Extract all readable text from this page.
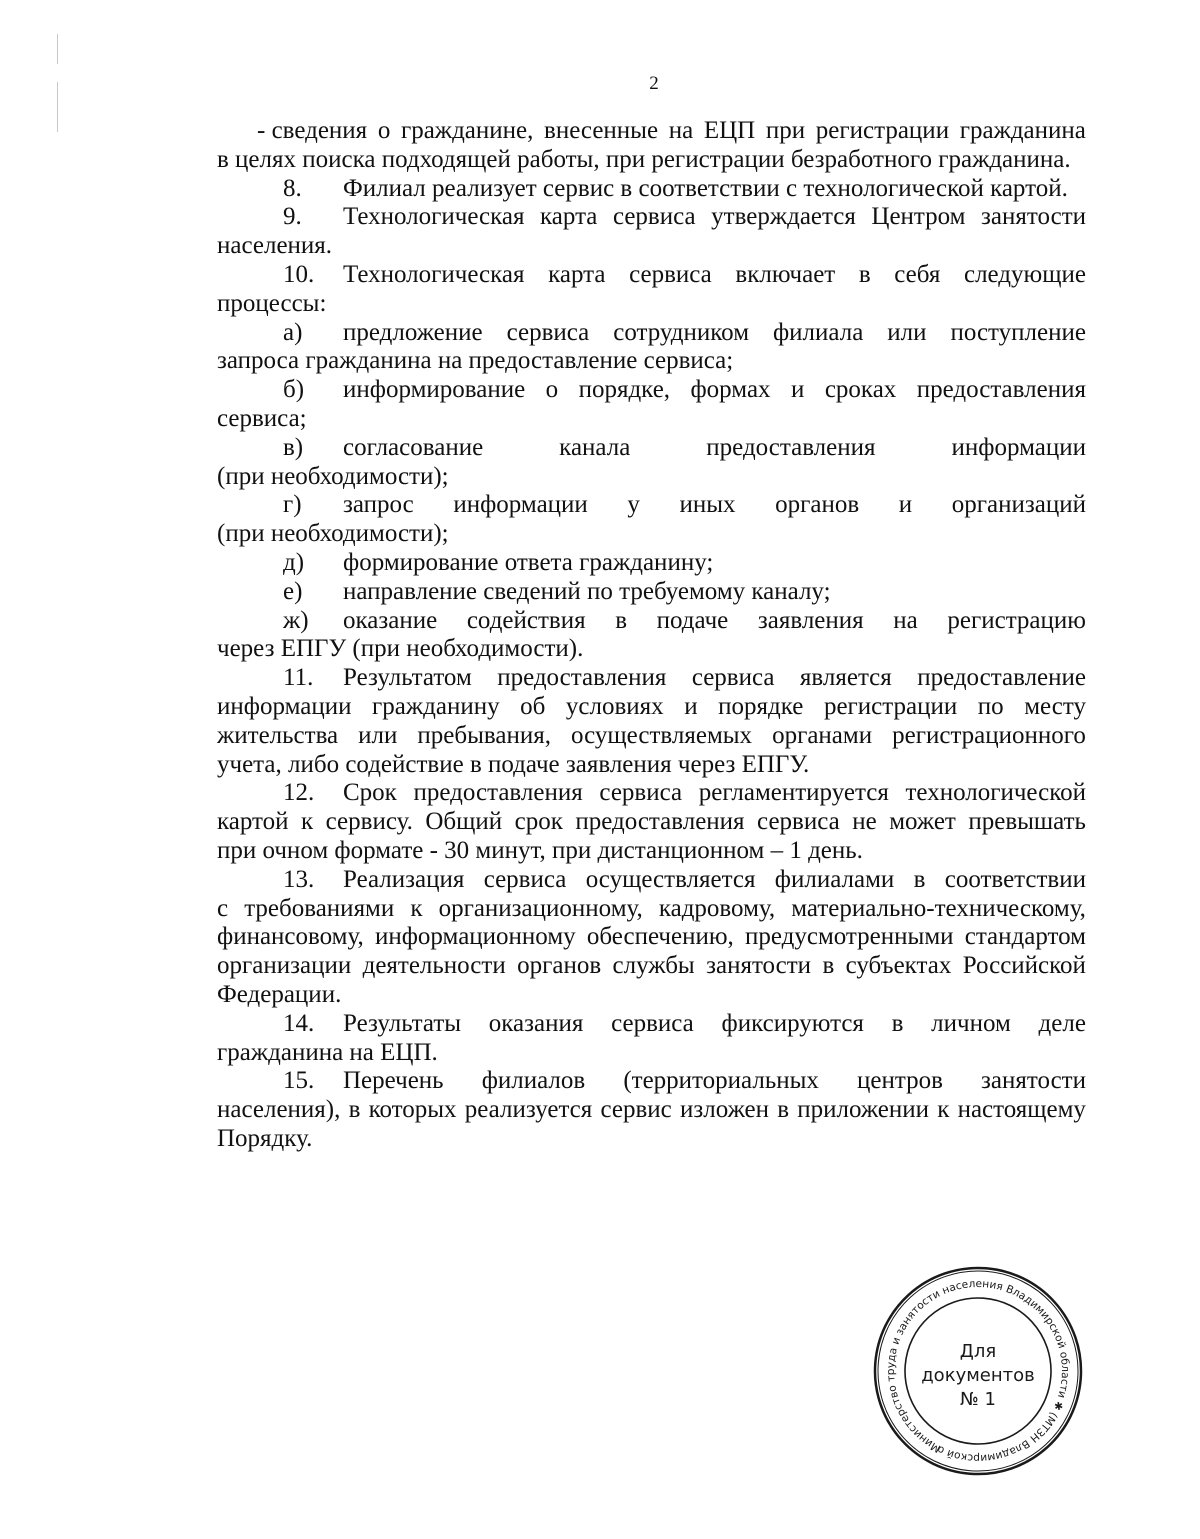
2
- сведения о гражданине, внесенные на ЕЦП при регистрации гражданина
в целях поиска подходящей работы, при регистрации безработного гражданина.
8. Филиал реализует сервис в соответствии с технологической картой.
9. Технологическая карта сервиса утверждается Центром занятости
населения.
10. Технологическая карта сервиса включает в себя следующие
процессы:
а) предложение сервиса сотрудником филиала или поступление
запроса гражданина на предоставление сервиса;
б) информирование о порядке, формах и сроках предоставления
сервиса;
в) согласование	канала	предоставления	информации
(при необходимости);
г) запрос информации у иных органов и организаций
(при необходимости);
д) формирование ответа гражданину;
е) направление сведений по требуемому каналу;
ж) оказание содействия в подаче заявления на регистрацию
через ЕПГУ (при необходимости).
11. Результатом предоставления сервиса является предоставление
информации гражданину об условиях и порядке регистрации по месту
жительства или пребывания, осуществляемых органами регистрационного
учета, либо содействие в подаче заявления через ЕПГУ.
12. Срок предоставления сервиса регламентируется технологической
картой к сервису. Общий срок предоставления сервиса не может превышать
при очном формате - 30 минут, при дистанционном – 1 день.
13. Реализация сервиса осуществляется филиалами в соответствии
с требованиями к организационному, кадровому, материально-техническому,
финансовому, информационному обеспечению, предусмотренными стандартом
организации деятельности органов службы занятости в субъектах Российской
Федерации.
14. Результаты оказания сервиса фиксируются в личном деле
гражданина на ЕЦП.
15. Перечень филиалов (территориальных центров занятости
населения), в которых реализуется сервис изложен в приложении к настоящему
Порядку.
Министерство труда и занятости населения Владимирской области ✱ (МТЗН Владимирской области)
Для
документов
№ 1
